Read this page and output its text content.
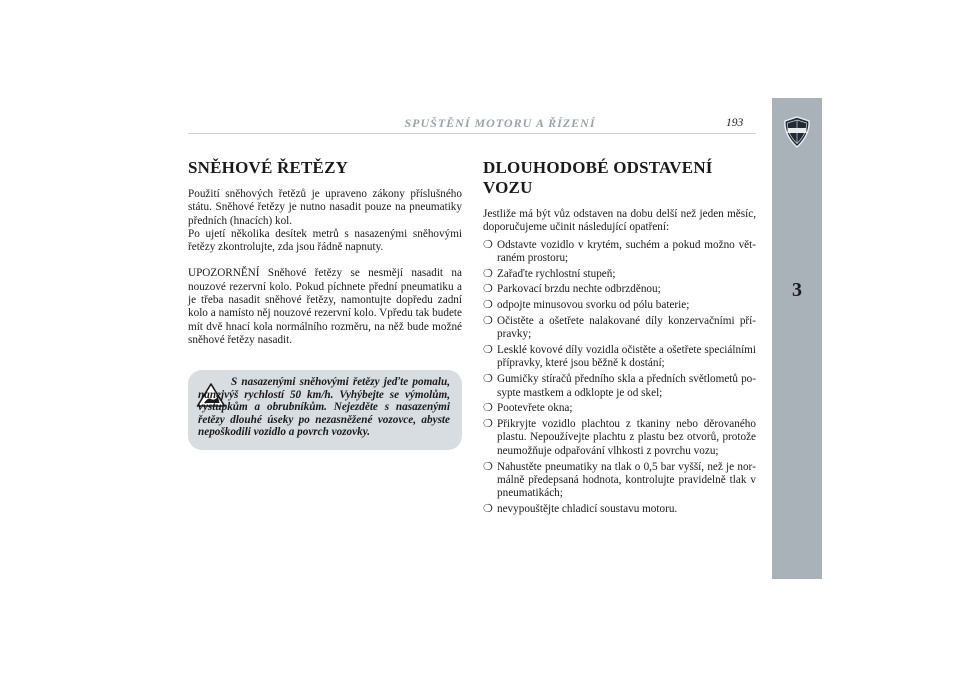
SPUŠTĚNÍ MOTORU A ŘÍZENÍ	193
3
SNĚHOVÉ ŘETĚZY

Použití sněhových řetězů je upraveno zákony příslušného státu. Sněhové řetězy je nutno nasadit pouze na pneumatiky předních (hnacích) kol.

Po ujetí několika desítek metrů s nasazenými sněhovými řetězy zkontrolujte, zda jsou řádně napnuty.

UPOZORNĚNÍ Sněhové řetězy se nesmějí nasadit na nouzové rezervní kolo. Pokud píchnete přední pneumatiku a je třeba nasadit sněhové řetězy, namontujte dopředu zadní kolo a namísto něj nouzové rezervní kolo. Vpředu tak budete mít dvě hnací kola normálního rozměru, na něž bude možné sněhové řetězy nasadit.

S nasazenými sněhovými řetězy jeďte pomalu, nanejvýš rychlostí 50 km/h. Vyhýbejte se výmolům, výstupkům a obrubníkům. Nejezděte s nasazenými řetězy dlouhé úseky po nezasněžené vozovce, abyste nepoškodili vozidlo a povrch vozovky.

DLOUHODOBÉ ODSTAVENÍ VOZU

Jestliže má být vůz odstaven na dobu delší než jeden měsíc, doporučujeme učinit následující opatření:

❍ Odstavte vozidlo v krytém, suchém a pokud možno větraném prostoru;
❍ Zařaďte rychlostní stupeň;
❍ Parkovací brzdu nechte odbrzděnou;
❍ odpojte minusovou svorku od pólu baterie;
❍ Očistěte a ošetřete nalakované díly konzervačními přípravky;
❍ Lesklé kovové díly vozidla očistěte a ošetřete speciálními přípravky, které jsou běžně k dostání;
❍ Gumičky stíračů předního skla a předních světlometů posypte mastkem a odklopte je od skel;
❍ Pootevřete okna;
❍ Přikryjte vozidlo plachtou z tkaniny nebo děrovaného plastu. Nepoužívejte plachtu z plastu bez otvorů, protože neumožňuje odpařování vlhkosti z povrchu vozu;
❍ Nahustěte pneumatiky na tlak o 0,5 bar vyšší, než je normálně předepsaná hodnota, kontrolujte pravidelně tlak v pneumatikách;
❍ nevypouštějte chladicí soustavu motoru.
